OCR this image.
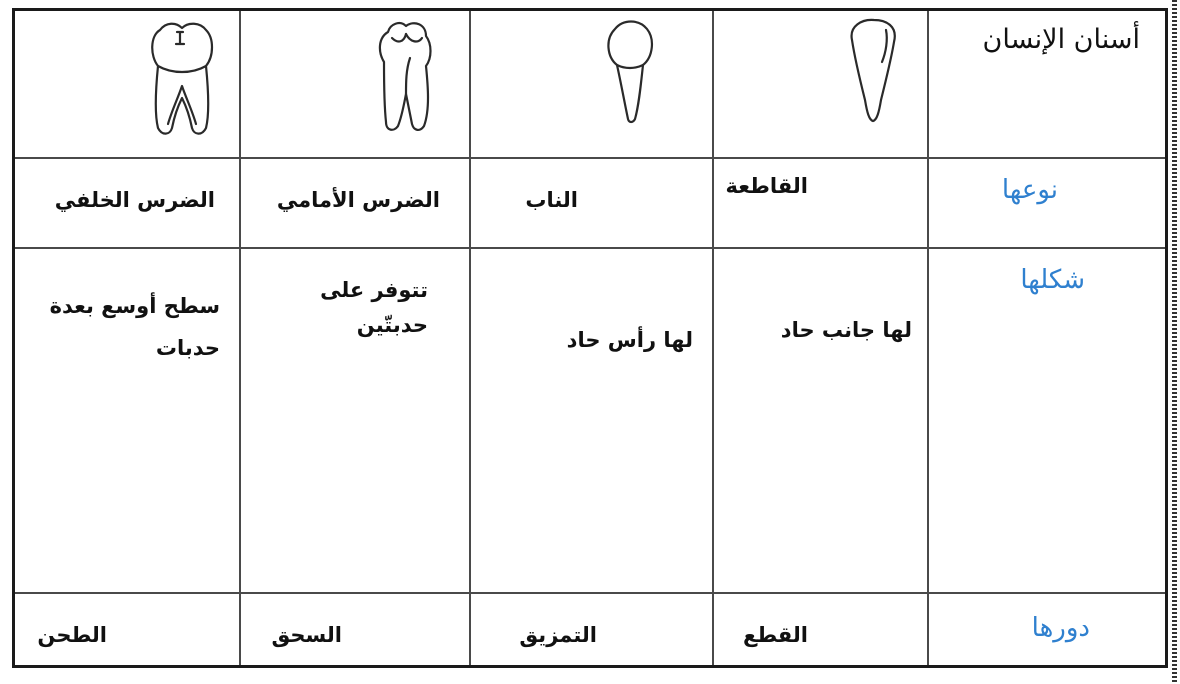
أسنان الإنسان
نوعها
القاطعة
الناب
الضرس الأمامي
الضرس الخلفي
شكلها
لها جانب حاد
لها رأس حاد
تتوفر على
حدبتّين
سطح أوسع بعدة
حدبات
دورها
القطع
التمزيق
السحق
الطحن
